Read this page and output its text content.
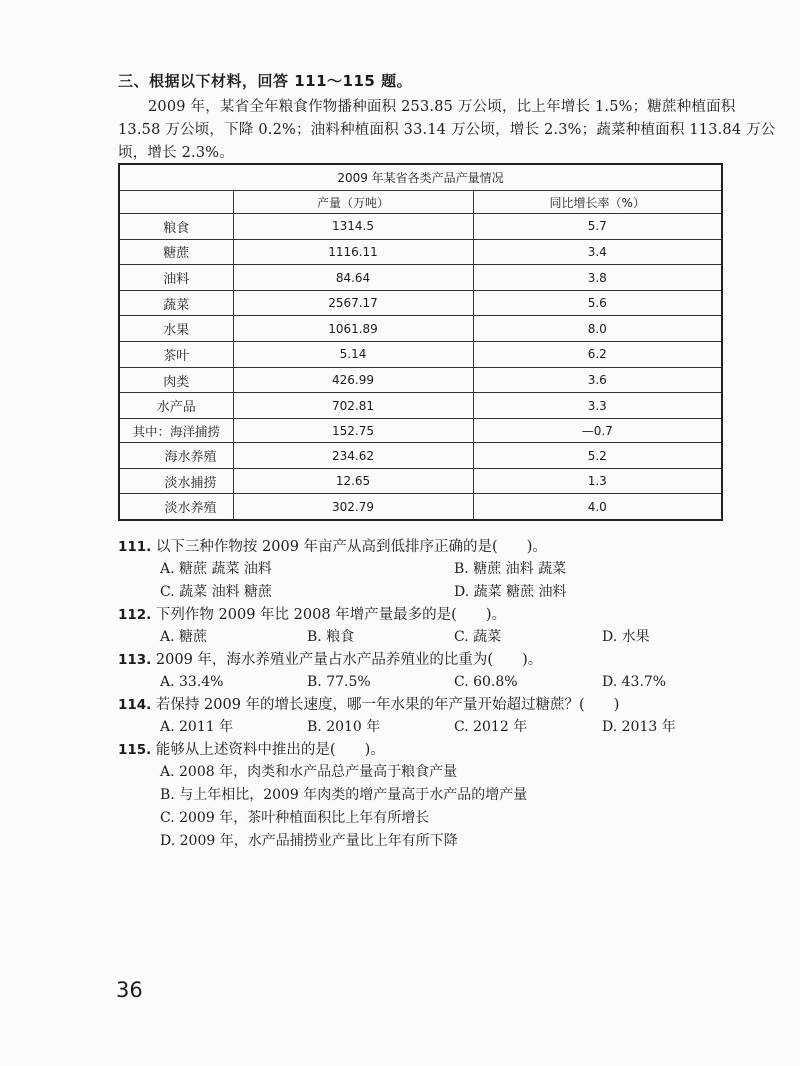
三、根据以下材料，回答 111～115 题。
2009 年，某省全年粮食作物播种面积 253.85 万公顷，比上年增长 1.5%；糖蔗种植面积
13.58 万公顷，下降 0.2%；油料种植面积 33.14 万公顷，增长 2.3%；蔬菜种植面积 113.84 万公
顷，增长 2.3%。
2009 年某省各类产品产量情况		
	产量（万吨）	同比增长率（%）
粮食	1314.5	5.7
糖蔗	1116.11	3.4
油料	84.64	3.8
蔬菜	2567.17	5.6
水果	1061.89	8.0
茶叶	5.14	6.2
肉类	426.99	3.6
水产品	702.81	3.3
其中：海洋捕捞	152.75	—0.7
海水养殖	234.62	5.2
淡水捕捞	12.65	1.3
淡水养殖	302.79	4.0
111. 以下三种作物按 2009 年亩产从高到低排序正确的是(　　)。
A. 糖蔗 蔬菜 油料	B. 糖蔗 油料 蔬菜
C. 蔬菜 油料 糖蔗	D. 蔬菜 糖蔗 油料
112. 下列作物 2009 年比 2008 年增产量最多的是(　　)。
A. 糖蔗	B. 粮食	C. 蔬菜	D. 水果
113. 2009 年，海水养殖业产量占水产品养殖业的比重为(　　)。
A. 33.4%	B. 77.5%	C. 60.8%	D. 43.7%
114. 若保持 2009 年的增长速度，哪一年水果的年产量开始超过糖蔗？(　　)
A. 2011 年	B. 2010 年	C. 2012 年	D. 2013 年
115. 能够从上述资料中推出的是(　　)。
A. 2008 年，肉类和水产品总产量高于粮食产量
B. 与上年相比，2009 年肉类的增产量高于水产品的增产量
C. 2009 年，茶叶种植面积比上年有所增长
D. 2009 年，水产品捕捞业产量比上年有所下降
36
